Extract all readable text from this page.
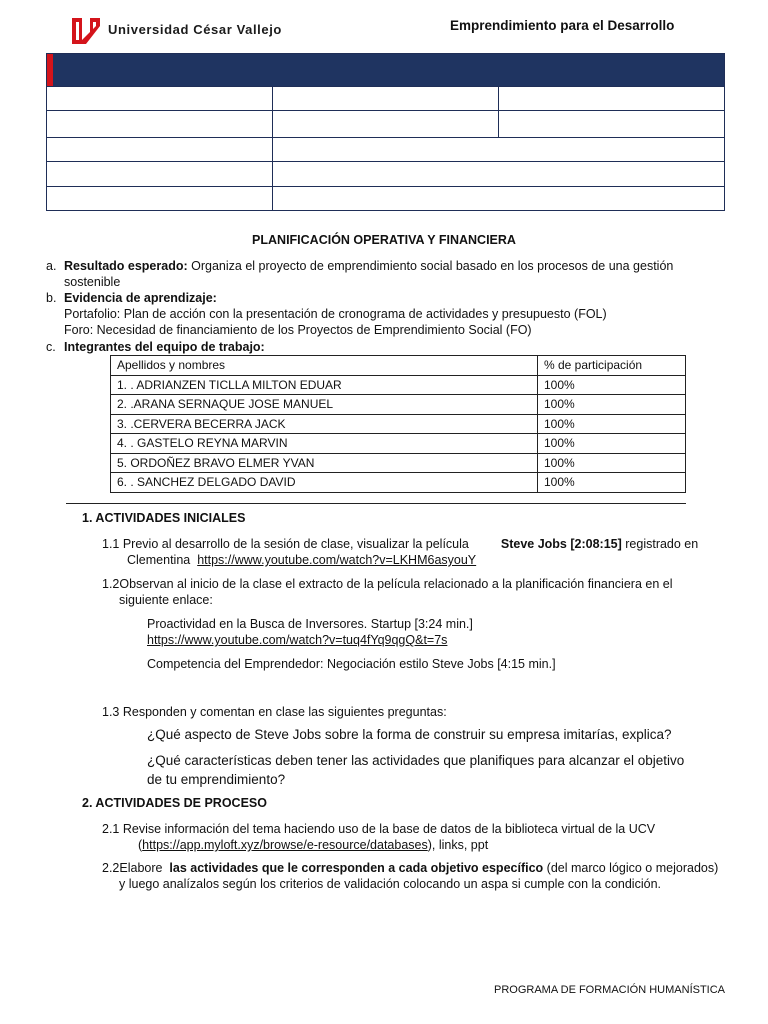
Universidad César Vallejo	Emprendimiento para el Desarrollo
PLANIFICACIÓN OPERATIVA Y FINANCIERA
a. Resultado esperado: Organiza el proyecto de emprendimiento social basado en los procesos de una gestión
sostenible
b. Evidencia de aprendizaje:
Portafolio: Plan de acción con la presentación de cronograma de actividades y presupuesto (FOL)
Foro: Necesidad de financiamiento de los Proyectos de Emprendimiento Social (FO)
c. Integrantes del equipo de trabajo:
Apellidos y nombres	% de participación
1. . ADRIANZEN TICLLA MILTON EDUAR	100%
2. .ARANA SERNAQUE JOSE MANUEL	100%
3. .CERVERA BECERRA JACK	100%
4. . GASTELO REYNA MARVIN	100%
5. ORDOÑEZ BRAVO ELMER YVAN	100%
6. . SANCHEZ DELGADO DAVID	100%
1. ACTIVIDADES INICIALES
1.1 Previo al desarrollo de la sesión de clase, visualizar la película	Steve Jobs [2:08:15] registrado en
Clementina https://www.youtube.com/watch?v=LKHM6asyouY
1.2Observan al inicio de la clase el extracto de la película relacionado a la planificación financiera en el
siguiente enlace:
Proactividad en la Busca de Inversores. Startup [3:24 min.]
https://www.youtube.com/watch?v=tuq4fYq9qgQ&t=7s
Competencia del Emprendedor: Negociación estilo Steve Jobs [4:15 min.]
1.3 Responden y comentan en clase las siguientes preguntas:
¿Qué aspecto de Steve Jobs sobre la forma de construir su empresa imitarías, explica?
¿Qué características deben tener las actividades que planifiques para alcanzar el objetivo
de tu emprendimiento?
2. ACTIVIDADES DE PROCESO
2.1 Revise información del tema haciendo uso de la base de datos de la biblioteca virtual de la UCV
(https://app.myloft.xyz/browse/e-resource/databases), links, ppt
2.2Elabore las actividades que le corresponden a cada objetivo específico (del marco lógico o mejorados)
y luego analízalos según los criterios de validación colocando un aspa si cumple con la condición.
PROGRAMA DE FORMACIÓN HUMANÍSTICA
